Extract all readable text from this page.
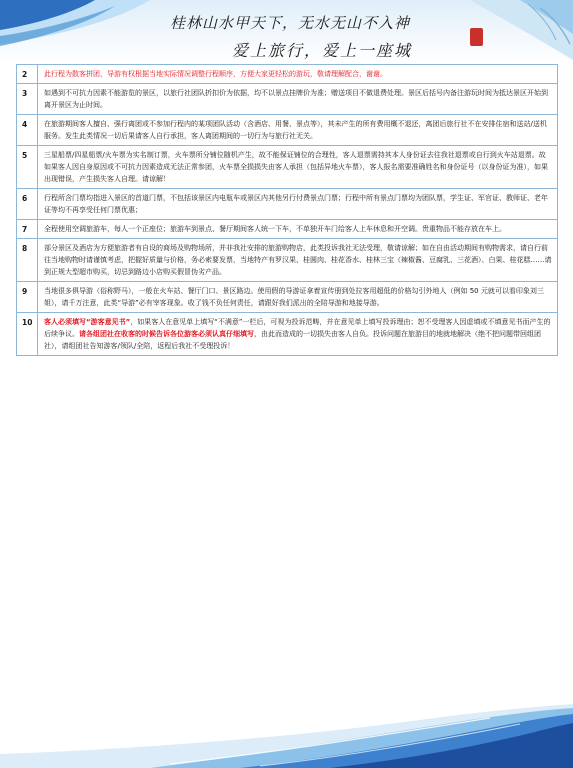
桂林山水甲天下，无水无山不入神
爱上旅行，爱上一座城
2	此行程为散客拼团，导游有权根据当地实际情况调整行程顺序，方便大家更轻松的游玩，敬请理解配合，谢谢。
3	如遇到不可抗力因素不能游览的景区，以旅行社团队折扣价为依据，均不以景点挂牌价为准；赠送项目不做退费处理。景区后括号内备注游玩时间为抵达景区开始到离开景区为止时间。
4	在旅游期间客人擅自、强行离团或不参加行程内的某项团队活动（含酒店、用餐、景点等），其未产生的所有费用概不退还，离团后旅行社不在安排住宿和送站/送机服务。发生此类情况一切后果请客人自行承担，客人离团期间的一切行为与旅行社无关。
5	三星船票/四星船票/火车票为实名制订票，火车票所分铺位随机产生，故不能保证铺位的合理性，客人退票需持其本人身份证去往我社退票或自行到火车站退票。故如果客人因自身原因或不可抗力因素造成无法正常参团，火车票全损损失由客人承担（包括异地火车票），客人报名需要准确姓名和身份证号（以身份证为准），如果出现错误，产生损失客人自理。请谅解！
6	行程所含门票均指进入景区的首道门票，不包括该景区内电瓶车或景区内其他另行付费景点门票；行程中所有景点门票均为团队票，学生证、军官证、教师证、老年证等均不再享受任何门票优惠；
7	全程使用空调旅游车，每人一个正座位；旅游车到景点、餐厅期间客人统一下车，不单独开车门给客人上车休息和开空调。贵重物品不能存放在车上。
8	部分景区及酒店为方便旅游者有自设的商场及购物场所，并非我社安排的旅游购物店，此类投诉我社无法受理，敬请谅解；如在自由活动期间有购物需求，请自行前往当地购物时请谨慎考虑，把握好质量与价格，务必索要发票，当地特产有罗汉果、桂圆肉、桂花香水、桂林三宝（辣椒酱、豆腐乳、三花酒）、白果、桂花糕……请到正规大型超市购买，切忌到路边小店购买假冒伪劣产品。
9	当地很多俱导游（俗称野马），一般在火车站、餐厅门口、景区路边。使用假的导游证拿着宣传册到处拉客用超低的价格勾引外地人（例如 50 元就可以看印象刘三姐），请千万注意，此类“导游”必有宰客现象。收了钱不负任何责任，请跟好我们派出的全陪导游和地接导游。
10	客人必须填写“游客意见书”，如果客人在意见单上填写“不满意”一栏后，可视为投诉范畴，并在意见单上填写投诉理由；恕不受理客人因虚填或不填意见书而产生的后续争议。请各组团社在收客的时候告诉各位游客必须认真仔细填写，由此而造成的一切损失由客人自负。投诉问题在旅游目的地就地解决（绝不把问题带回组团社），请组团社告知游客/领队/全陪，返程后我社不受理投诉！
